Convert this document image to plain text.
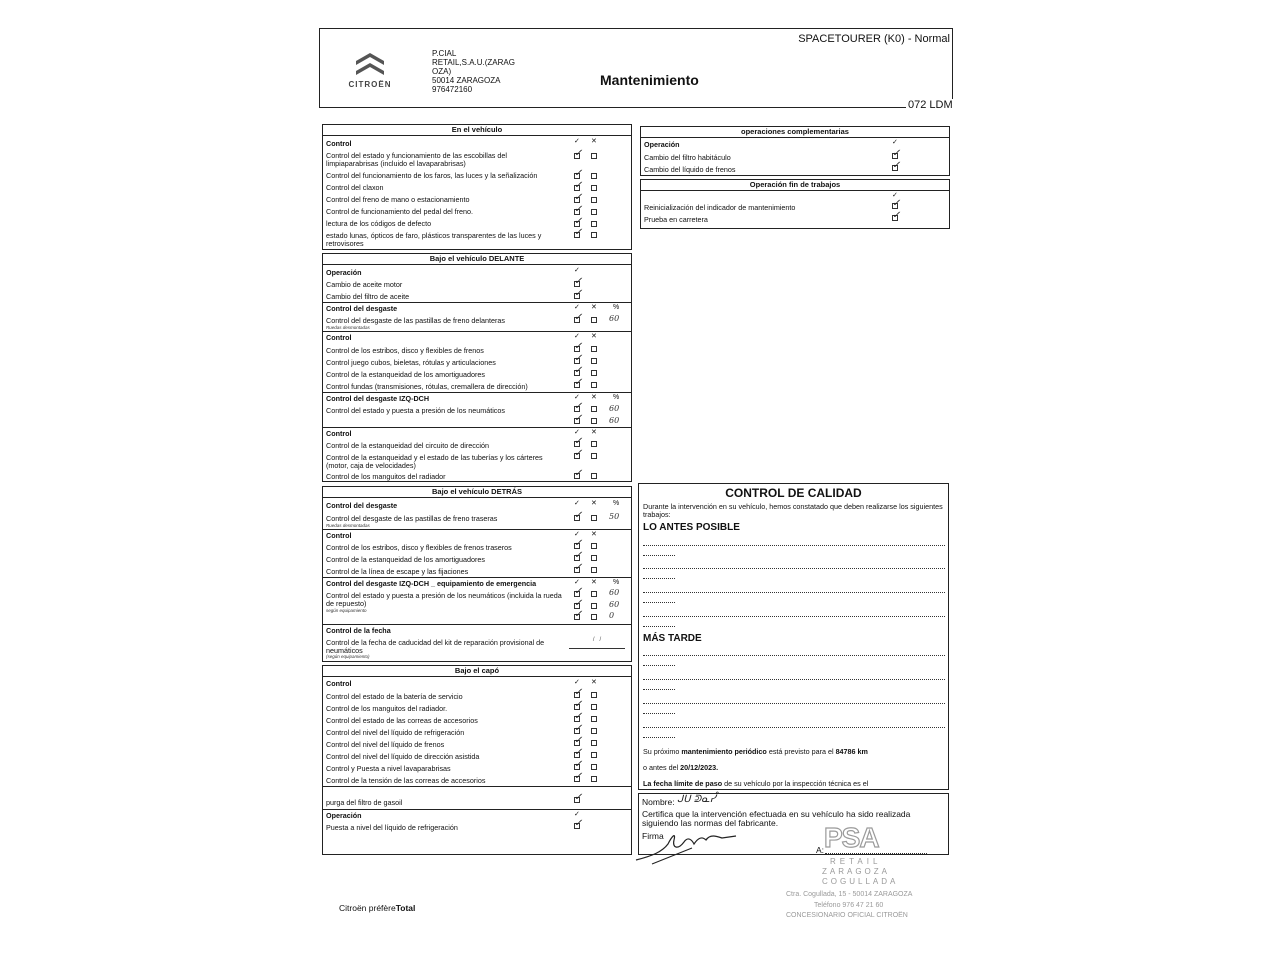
CITROËN
P.CIAL
RETAIL,S.A.U.(ZARAG
OZA)
50014 ZARAGOZA
976472160
Mantenimiento
SPACETOURER (K0) - Normal
072 LDM
En el vehículo
Control	✓ ✕
Control del estado y funcionamiento de las escobillas del limpiaparabrisas (incluido el lavaparabrisas)
Control del funcionamiento de los faros, las luces y la señalización
Control del claxon
Control del freno de mano o estacionamiento
Control de funcionamiento del pedal del freno.
lectura de los códigos de defecto
estado lunas, ópticos de faro, plásticos transparentes de las luces y retrovisores
✓
✓
✓
✓
✓
✓
✓
Bajo el vehículo DELANTE
Operación	✓
Cambio de aceite motor
Cambio del filtro de aceite
✓
✓
Control del desgaste	✓ ✕ %
Control del desgaste de las pastillas de freno delanteras
Ruedas desmontadas
✓
60
Control	✓ ✕
Control de los estribos, disco y flexibles de frenos
Control juego cubos, bieletas, rótulas y articulaciones
Control de la estanqueidad de los amortiguadores
Control fundas (transmisiones, rótulas, cremallera de dirección)
✓
✓
✓
✓
Control del desgaste IZQ-DCH	✓ ✕ %
Control del estado y puesta a presión de los neumáticos
✓	60
✓
60
Control	✓ ✕
Control de la estanqueidad del circuito de dirección
Control de la estanqueidad y el estado de las tuberías y los cárteres (motor, caja de velocidades)
Control de los manguitos del radiador
✓
✓
✓
Bajo el vehículo DETRÁS
Control del desgaste	✓ ✕ %
Control del desgaste de las pastillas de freno traseras
Ruedas desmontadas
✓
50
Control	✓ ✕
Control de los estribos, disco y flexibles de frenos traseros
Control de la estanqueidad de los amortiguadores
Control de la línea de escape y las fijaciones
✓
✓
✓
Control del desgaste IZQ-DCH _ equipamiento de emergencia	✓ ✕ %
Control del estado y puesta a presión de los neumáticos (incluida la rueda de repuesto)
según equipamiento
✓
60
✓
60
✓
0
Control de la fecha
Control de la fecha de caducidad del kit de reparación provisional de neumáticos
(según equipamiento)
/   /
Bajo el capó
Control	✓ ✕
Control del estado de la batería de servicio
Control de los manguitos del radiador.
Control del estado de las correas de accesorios
Control del nivel del líquido de refrigeración
Control del nivel del líquido de frenos
Control del nivel del líquido de dirección asistida
Control y Puesta a nivel lavaparabrisas
Control de la tensión de las correas de accesorios
✓
✓
✓
✓
✓
✓
✓
✓
purga del filtro de gasoil
✓
Operación	✓
Puesta a nivel del líquido de refrigeración
✓
operaciones complementarias
Operación	✓
Cambio del filtro habitáculo
Cambio del líquido de frenos
✓
✓
Operación fin de trabajos
✓
Reinicialización del indicador de mantenimiento
Prueba en carretera
✓
✓
CONTROL DE CALIDAD
Durante la intervención en su vehículo, hemos constatado que deben realizarse los siguientes trabajos:
LO ANTES POSIBLE
MÁS TARDE
Su próximo mantenimiento periódico está previsto para el 84786 km
o antes del 20/12/2023.
La fecha límite de paso de su vehículo por la inspección técnica es el
Nombre: ᒍᑌ ᕲᓇᓮ
Certifica que la intervención efectuada en su vehículo ha sido realizada siguiendo las normas del fabricante.
Firma
A: PSA
RETAIL
ZARAGOZA
COGULLADA
Ctra. Cogullada, 15 - 50014 ZARAGOZA
Teléfono 976 47 21 60
CONCESIONARIO OFICIAL CITROËN
Citroën préfèreTotal
